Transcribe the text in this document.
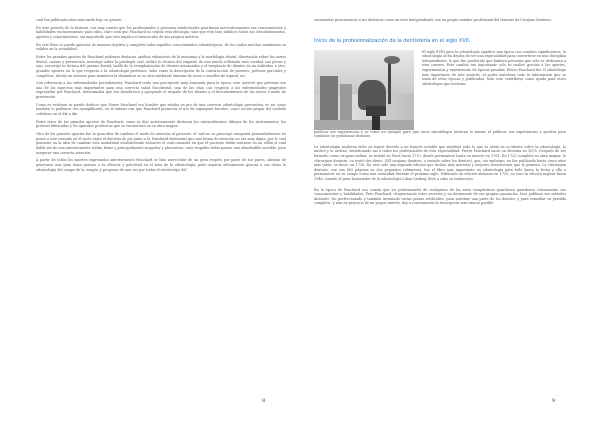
cual fue publicada años más tarde bajo su género.

En este período de la historia, era muy común que los profesionales y personas intelectuales guardaran meticulosamente sus conocimientos y habilidades exclusivamente para ellos, claro está que Fauchard no seguía esta ideología, sino que este hizo públicos todos sus descubrimientos, aportes y conocimientos, sin importarle que esto implica el menoscabo de sus propios méritos.

En este libro se puede apreciar de manera objetiva y completa todos aquellos conocimientos odontológicos, de los cuales muchos mantienen su validez en la actualidad.

Entre los grandes aportes de Fauchard podemos destacar, análisis exhaustivo de la anatomía y la morfología dental, disertación sobre las caries dental, causas y prevención, investigó sobre la patología oral, utilizó la técnica del empaste de una muela rellenada esta cavidad con plomo y zinc, investigó la técnica del gusano dental, habló de la reimplantación de dientes arrancados y el trasplante de dientes de un individuo a otro, grandes aportes en lo que respecta a la odontología protésica, tales como la descripción de la construcción de puentes, prótesis parciales y completas, diseñó un sistema para mantener la dentadura en su sitio mediante láminas de acero o muelles de espiral, etc.

Con referencia a las enfermedades periodontales, Fauchard tenía una percepción muy avanzada para la época, este aseveró que prevenir era una de los aspectos más importantes para una correcta salud bucodental, una de las citas con respecto a las enfermedades gingivales expresadas por Fauchard, determinaba que era beneficioso y apropiado el raspado de los dientes y el descubrimiento de las raíces a modo de prevención.

Como es evidente se puede deducir que Pierre Fauchard era hombre que estaba en pro de una correcta odontología preventiva, es así como también lo podemos ver ejemplificado, en el énfasis con que Fauchard promovía el uso de enjuagues bucales, como acción propia del cuidado cotidiano en el día a día.

Entre otros de los grandes aportes de Fauchard, como se dijo anteriormente destacan los extraordinarios dibujos de los instrumentos, las prótesis fabricadas y los aparatos protésicos que se encuentran en su obra magna.

Otro de los grandes aportes fue la gran idea de cambiar el modo de atención al paciente, el cual no se preocupó ensayaría primordialmente en poner a este sentado en el suelo entre el dentista de pie junto a él, Fauchard determinó que una forma de atención no era muy digna, por lo cual pensione en la idea de cambiar esta modalidad estableciendo entonces el cual consistía en que el paciente debía sentarse en un sillón el cual debía ser de una anteriormente sólida, firme y principalmente acogedor y placentero, cuyo respaldo debía poseer una almohadilla movible, para asegurar una correcta atención.

A partir de todos los aportes expresados anteriormente Fauchard se hizo merecedor de un gran respeto por parte de sus pares, además de generarse una gran fama gracias a su eficacia y pulcritud en el área de la odontología, pudo separar eficazmente gracias a sus obras la odontología del campo de la cirugía, y proponer de una vez por todas el estereotipo del

8

sacamuelas posicionando a los dentistas como un ente independiente con un propio nombre profesional del término de Cirujano Dentista.

Inicio de la profesionalización de la dentistería en el siglo XVII.
El siglo XVIII para la odontología significó una época con cambios significativos, la odontología al fin dejaba de ser una especialidad para convertirse en una disciplina independiente, lo que fue producido que hubiera personas que solo se dedicaran a esta carrera. Este cambio tan importante solo se realizó gracias a los aportes, experimentos y experiencias de épocas pasadas. Pierre Fauchard fue el odontólogo más importante de este período, al poder sintetizar toda la información que se tenía de otras épocas y publicadas, todo esto contribuyó como ayuda para otros odontólogos que hicieran

publicar sus experiencias y se tornó un ejemplo para que otros odontólogos hicieran lo mismo al publicar sus experiencias y aportes para combatir los problemas dentales.

La odontología moderna debe su mayor desvelo a un francés notable que sintetizó todo lo que se sabía en occidente sobre la odontología, lo unificó y lo ordenó, beneficiando así a todos los profesionales de esta especialidad. Pierre Fauchard nació en Bretaña en 1678. Después de ser formado como cirujano militar, se instaló en París hacia 1719, donde permaneció hasta su muerte en 1761. En 1723 completó su obra magna: le chirurgien dentiste, ou traité des dents. ((El cirujano dentista, o tratado sobre los dientes), que, sin embargo, no fue publicado hasta cinco años más tarde, es decir, en 1728. En este sale una segunda edición que incluía más material y mejores ilustraciones que la primera. Le chirurgien dentiste, con sus 863 páginas en dos pequeños volúmenes, fue el libro más importante en odontología para todo hasta la fecha y ella a permanecer en su campo como una autoridad durante el próximo siglo. Publicado en edición alemana en 1733, no tuvo la edición inglesa hasta 1946, cuando el gran historiador de la odontología Lilian Lindsay llevó a cabo su traducción.

En la época de Fauchard era común que los profesionales de cualquiera de las artes terapéuticas guardasen guardasen celosamente sus conocimientos y habilidades. Pero Fauchard, despreciando estos secretos y en detrimento de sus propias ganancias, hizo públicas sus métodos diciendo: 'he perfeccionado y también inventado varias piezas artificiales, para sustituir una parte de los dientes, y para remediar su pérdida completa'. y aun en perjuicio de mi propio interés, doy a continuación la descripción más exacta posible

9
